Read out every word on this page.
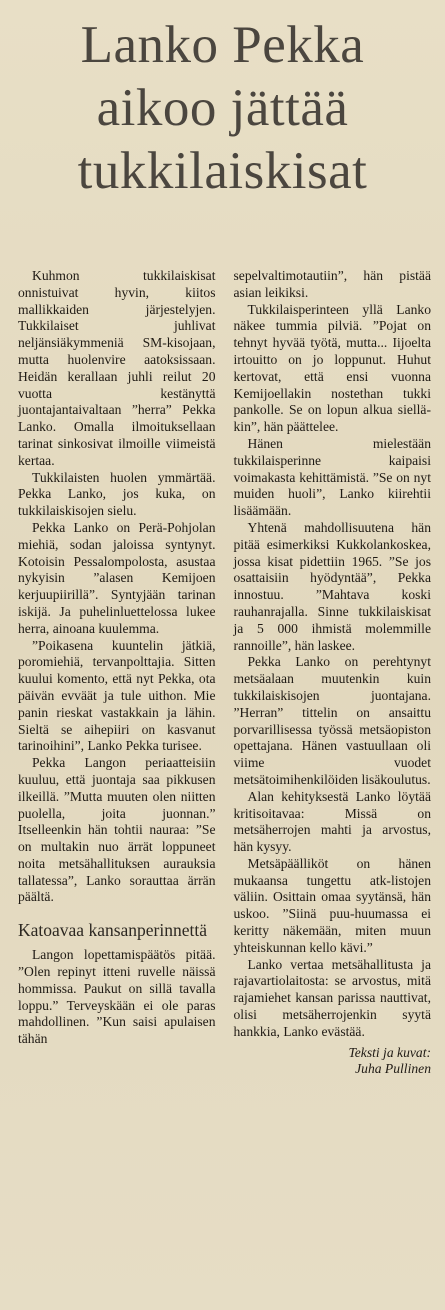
Lanko Pekka
aikoo jättää
tukkilaiskisat

Kuhmon tukkilaiskisat onnistuivat hyvin, kiitos mallikkaiden järjestelyjen. Tukkilaiset juhlivat neljänsiäkymmeniä SM-kisojaan, mutta huolenvire aatoksissaan. Heidän kerallaan juhli reilut 20 vuotta kestänyttä juontajantaivaltaan ”herra” Pekka Lanko. Omalla ilmoituksellaan tarinat sinkosivat ilmoille viimeistä kertaa.

Tukkilaisten huolen ymmärtää. Pekka Lanko, jos kuka, on tukkilaiskisojen sielu.

Pekka Lanko on Perä-Pohjolan miehiä, sodan jaloissa syntynyt. Kotoisin Pessalompolosta, asustaa nykyisin ”alasen Kemijoen kerjuupiirillä”. Syntyjään tarinan iskijä. Ja puhelinluettelossa lukee herra, ainoana kuulemma.

”Poikasena kuuntelin jätkiä, poromiehiä, tervanpolttajia. Sitten kuului komento, että nyt Pekka, ota päivän evväät ja tule uithon. Mie panin rieskat vastakkain ja lähin. Sieltä se aihepiiri on kasvanut tarinoihini”, Lanko Pekka turisee.

Pekka Langon periaatteisiin kuuluu, että juontaja saa pikkusen ilkeillä. ”Mutta muuten olen niitten puolella, joita juonnan.” Itselleenkin hän tohtii nauraa: ”Se on multakin nuo ärrät loppuneet noita metsähallituksen aurauksia tallatessa”, Lanko sorauttaa ärrän päältä.

Katoavaa kansanperinnettä

Langon lopettamispäätös pitää. ”Olen repinyt itteni ruvelle näissä hommissa. Paukut on sillä tavalla loppu.” Terveyskään ei ole paras mahdollinen. ”Kun saisi apulaisen tähän

sepelvaltimotautiin”, hän pistää asian leikiksi.

Tukkilaisperinteen yllä Lanko näkee tummia pilviä. ”Pojat on tehnyt hyvää työtä, mutta... Iijoelta irtouitto on jo loppunut. Huhut kertovat, että ensi vuonna Kemijoellakin nostethan tukki pankolle. Se on lopun alkua siellä-kin”, hän päättelee.

Hänen mielestään tukkilaisperinne kaipaisi voimakasta kehittämistä. ”Se on nyt muiden huoli”, Lanko kiirehtii lisäämään.

Yhtenä mahdollisuutena hän pitää esimerkiksi Kukkolankoskea, jossa kisat pidettiin 1965. ”Se jos osattaisiin hyödyntää”, Pekka innostuu. ”Mahtava koski rauhanrajalla. Sinne tukkilaiskisat ja 5 000 ihmistä molemmille rannoille”, hän laskee.

Pekka Lanko on perehtynyt metsäalaan muutenkin kuin tukkilaiskisojen juontajana. ”Herran” tittelin on ansaittu porvarillisessa työssä metsäopiston opettajana. Hänen vastuullaan oli viime vuodet metsätoimihenkilöiden lisäkoulutus.

Alan kehityksestä Lanko löytää kritisoitavaa: Missä on metsäherrojen mahti ja arvostus, hän kysyy.

Metsäpäälliköt on hänen mukaansa tungettu atk-listojen väliin. Osittain omaa syytänsä, hän uskoo. ”Siinä puu-huumassa ei keritty näkemään, miten muun yhteiskunnan kello kävi.”

Lanko vertaa metsähallitusta ja rajavartiolaitosta: se arvostus, mitä rajamiehet kansan parissa nauttivat, olisi metsäherrojenkin syytä hankkia, Lanko evästää.

Teksti ja kuvat:
Juha Pullinen
